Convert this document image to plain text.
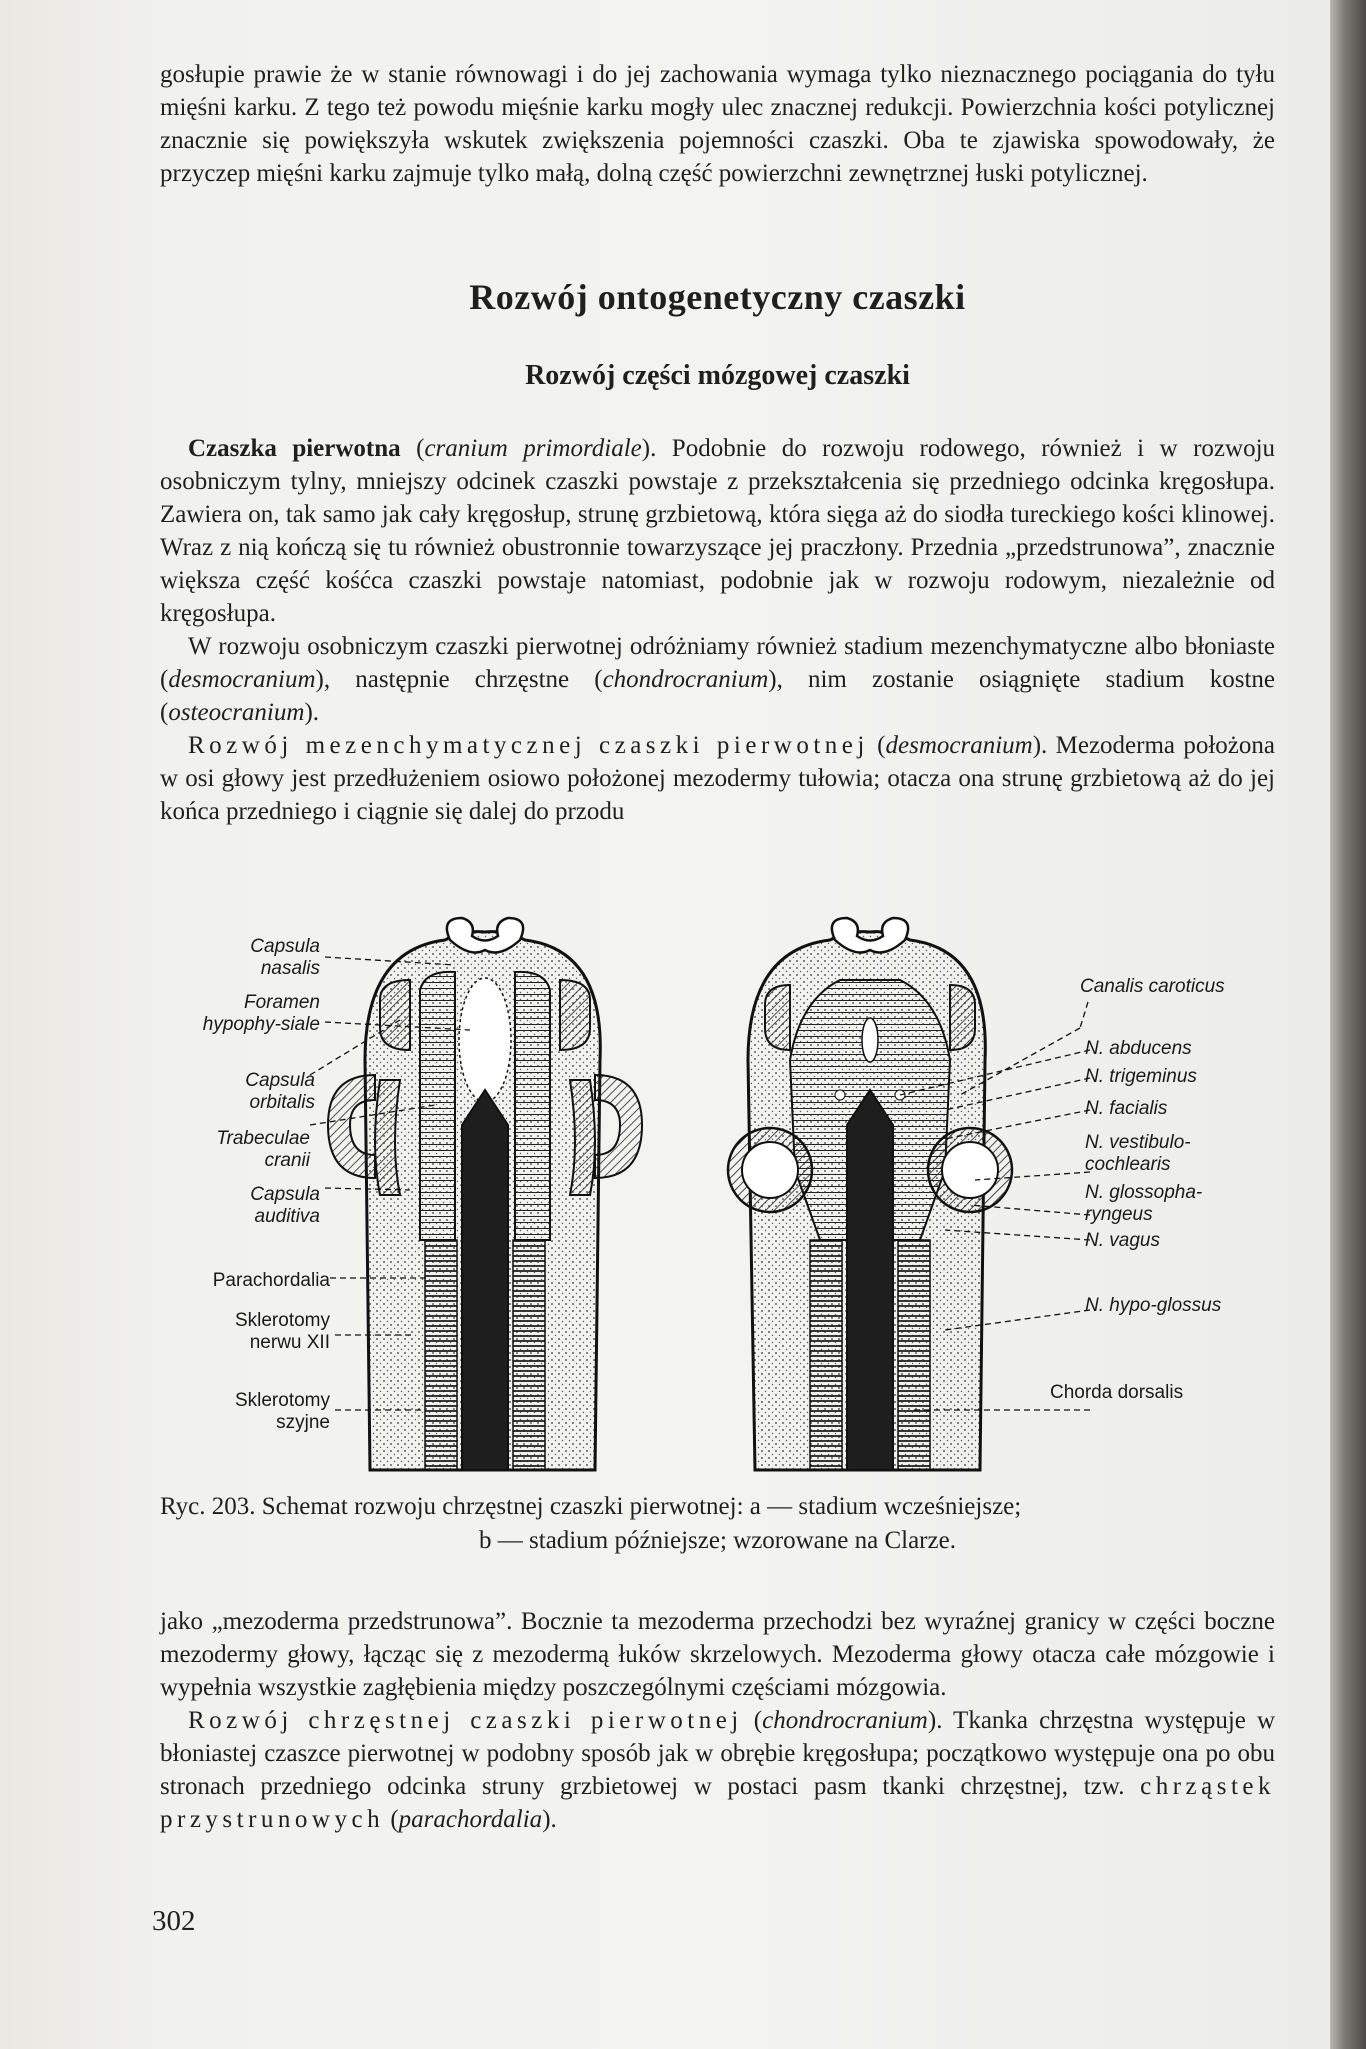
gosłupie prawie że w stanie równowagi i do jej zachowania wymaga tylko nieznacznego pociągania do tyłu mięśni karku. Z tego też powodu mięśnie karku mogły ulec znacznej redukcji. Powierzchnia kości potylicznej znacznie się powiększyła wskutek zwiększenia pojemności czaszki. Oba te zjawiska spowodowały, że przyczep mięśni karku zajmuje tylko małą, dolną część powierzchni zewnętrznej łuski potylicznej.

Rozwój ontogenetyczny czaszki
Rozwój części mózgowej czaszki

Czaszka pierwotna (cranium primordiale). Podobnie do rozwoju rodowego, również i w rozwoju osobniczym tylny, mniejszy odcinek czaszki powstaje z przekształcenia się przedniego odcinka kręgosłupa. Zawiera on, tak samo jak cały kręgosłup, strunę grzbietową, która sięga aż do siodła tureckiego kości klinowej. Wraz z nią kończą się tu również obustronnie towarzyszące jej praczłony. Przednia „przedstrunowa”, znacznie większa część kośćca czaszki powstaje natomiast, podobnie jak w rozwoju rodowym, niezależnie od kręgosłupa.

W rozwoju osobniczym czaszki pierwotnej odróżniamy również stadium mezenchymatyczne albo błoniaste (desmocranium), następnie chrzęstne (chondrocranium), nim zostanie osiągnięte stadium kostne (osteocranium).

Rozwój mezenchymatycznej czaszki pierwotnej (desmocranium). Mezoderma położona w osi głowy jest przedłużeniem osiowo położonej mezodermy tułowia; otacza ona strunę grzbietową aż do jej końca przedniego i ciągnie się dalej do przodu

Capsula nasalis
Foramen hypophy-siale
Capsula orbitalis
Trabeculae cranii
Capsula auditiva
Parachordalia
Sklerotomy nerwu XII
Sklerotomy szyjne
Canalis caroticus
N. abducens
N. trigeminus
N. facialis
N. vestibulo-cochlearis
N. glossopha-ryngeus
N. vagus
N. hypo-glossus
Chorda dorsalis
Ryc. 203. Schemat rozwoju chrzęstnej czaszki pierwotnej: a — stadium wcześniejsze;
b — stadium późniejsze; wzorowane na Clarze.

jako „mezoderma przedstrunowa”. Bocznie ta mezoderma przechodzi bez wyraźnej granicy w części boczne mezodermy głowy, łącząc się z mezodermą łuków skrzelowych. Mezoderma głowy otacza całe mózgowie i wypełnia wszystkie zagłębienia między poszczególnymi częściami mózgowia.

Rozwój chrzęstnej czaszki pierwotnej (chondrocranium). Tkanka chrzęstna występuje w błoniastej czaszce pierwotnej w podobny sposób jak w obrębie kręgosłupa; początkowo występuje ona po obu stronach przedniego odcinka struny grzbietowej w postaci pasm tkanki chrzęstnej, tzw. chrząstek przystrunowych (parachordalia).

302
